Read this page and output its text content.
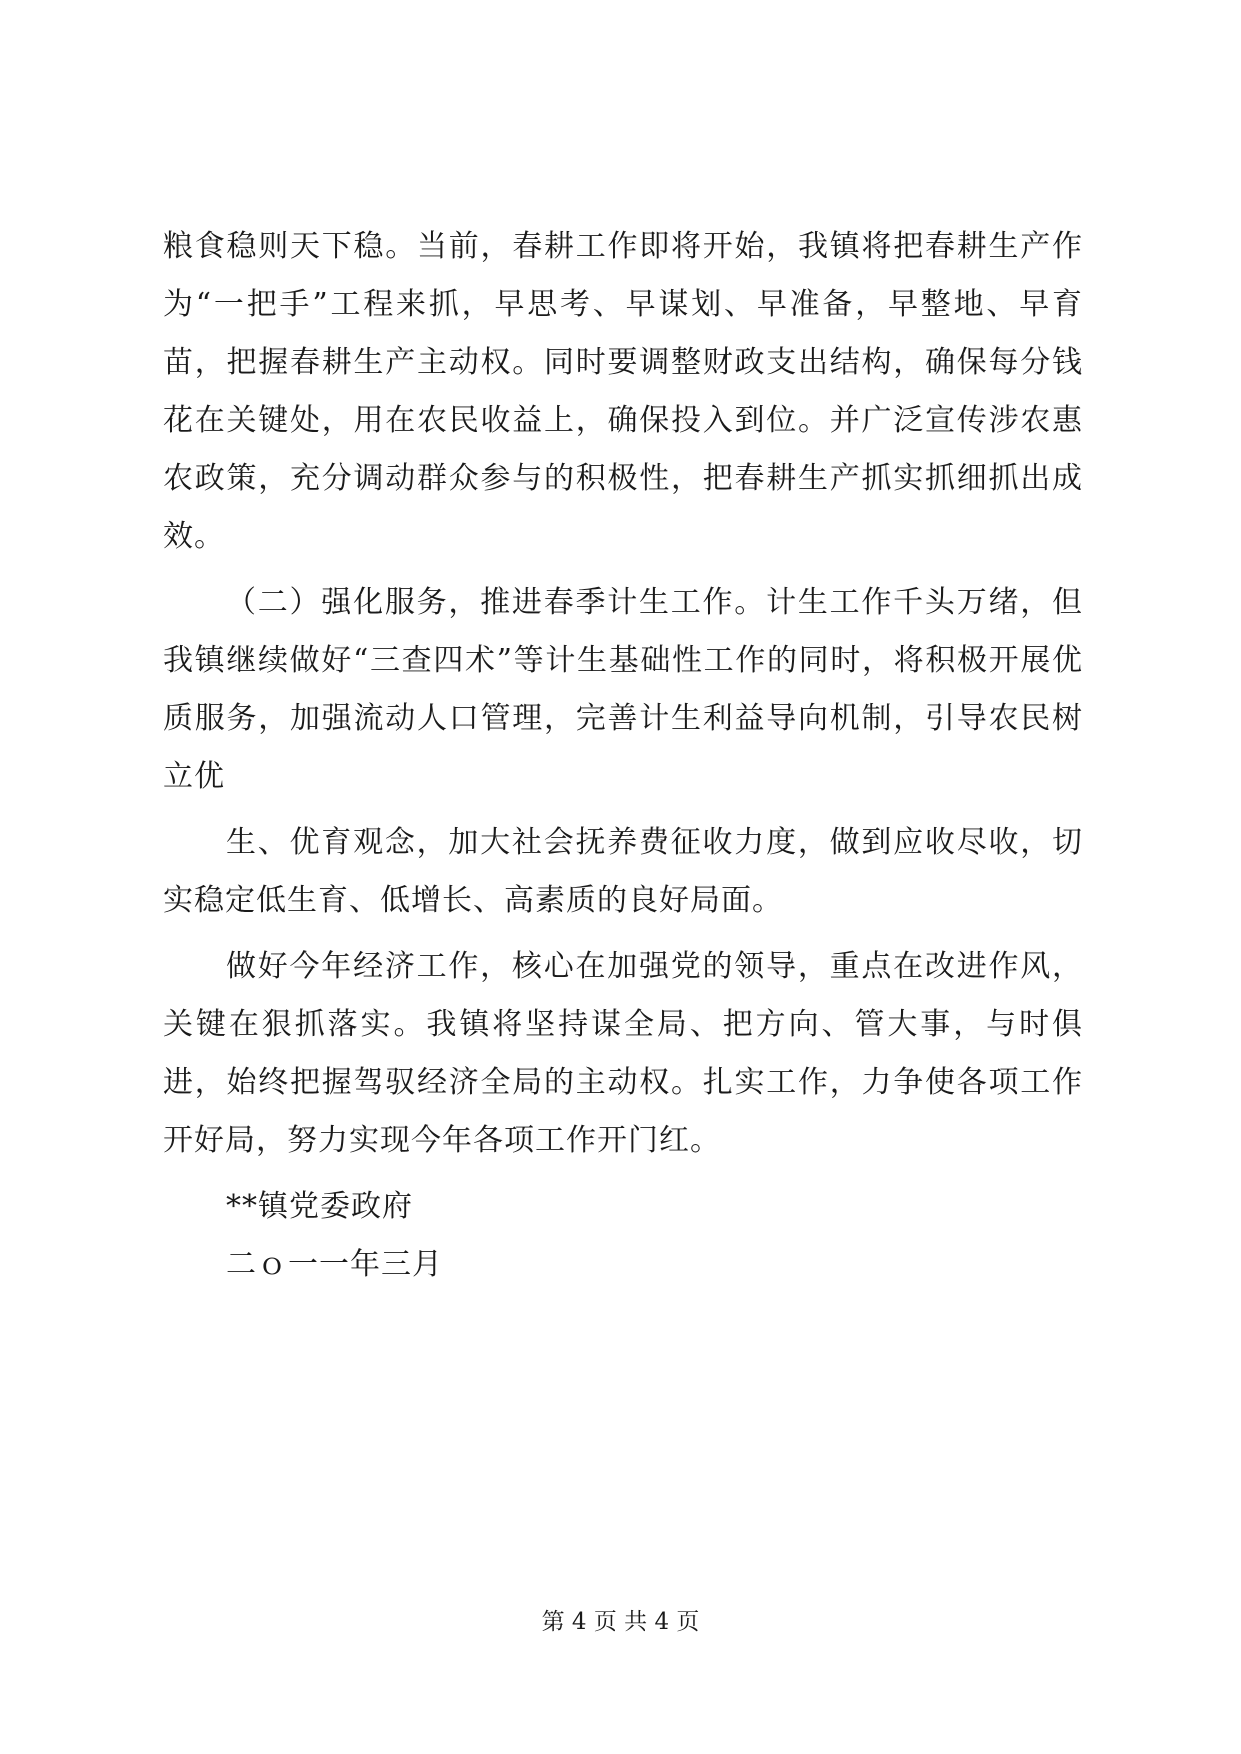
粮食稳则天下稳。当前，春耕工作即将开始，我镇将把春耕生产作为“一把手”工程来抓，早思考、早谋划、早准备，早整地、早育苗，把握春耕生产主动权。同时要调整财政支出结构，确保每分钱花在关键处，用在农民收益上，确保投入到位。并广泛宣传涉农惠农政策，充分调动群众参与的积极性，把春耕生产抓实抓细抓出成效。

（二）强化服务，推进春季计生工作。计生工作千头万绪，但我镇继续做好“三查四术”等计生基础性工作的同时，将积极开展优质服务，加强流动人口管理，完善计生利益导向机制，引导农民树立优

生、优育观念，加大社会抚养费征收力度，做到应收尽收，切实稳定低生育、低增长、高素质的良好局面。

做好今年经济工作，核心在加强党的领导，重点在改进作风，关键在狠抓落实。我镇将坚持谋全局、把方向、管大事，与时俱进，始终把握驾驭经济全局的主动权。扎实工作，力争使各项工作开好局，努力实现今年各项工作开门红。

**镇党委政府

二ｏ一一年三月

第 4 页 共 4 页
